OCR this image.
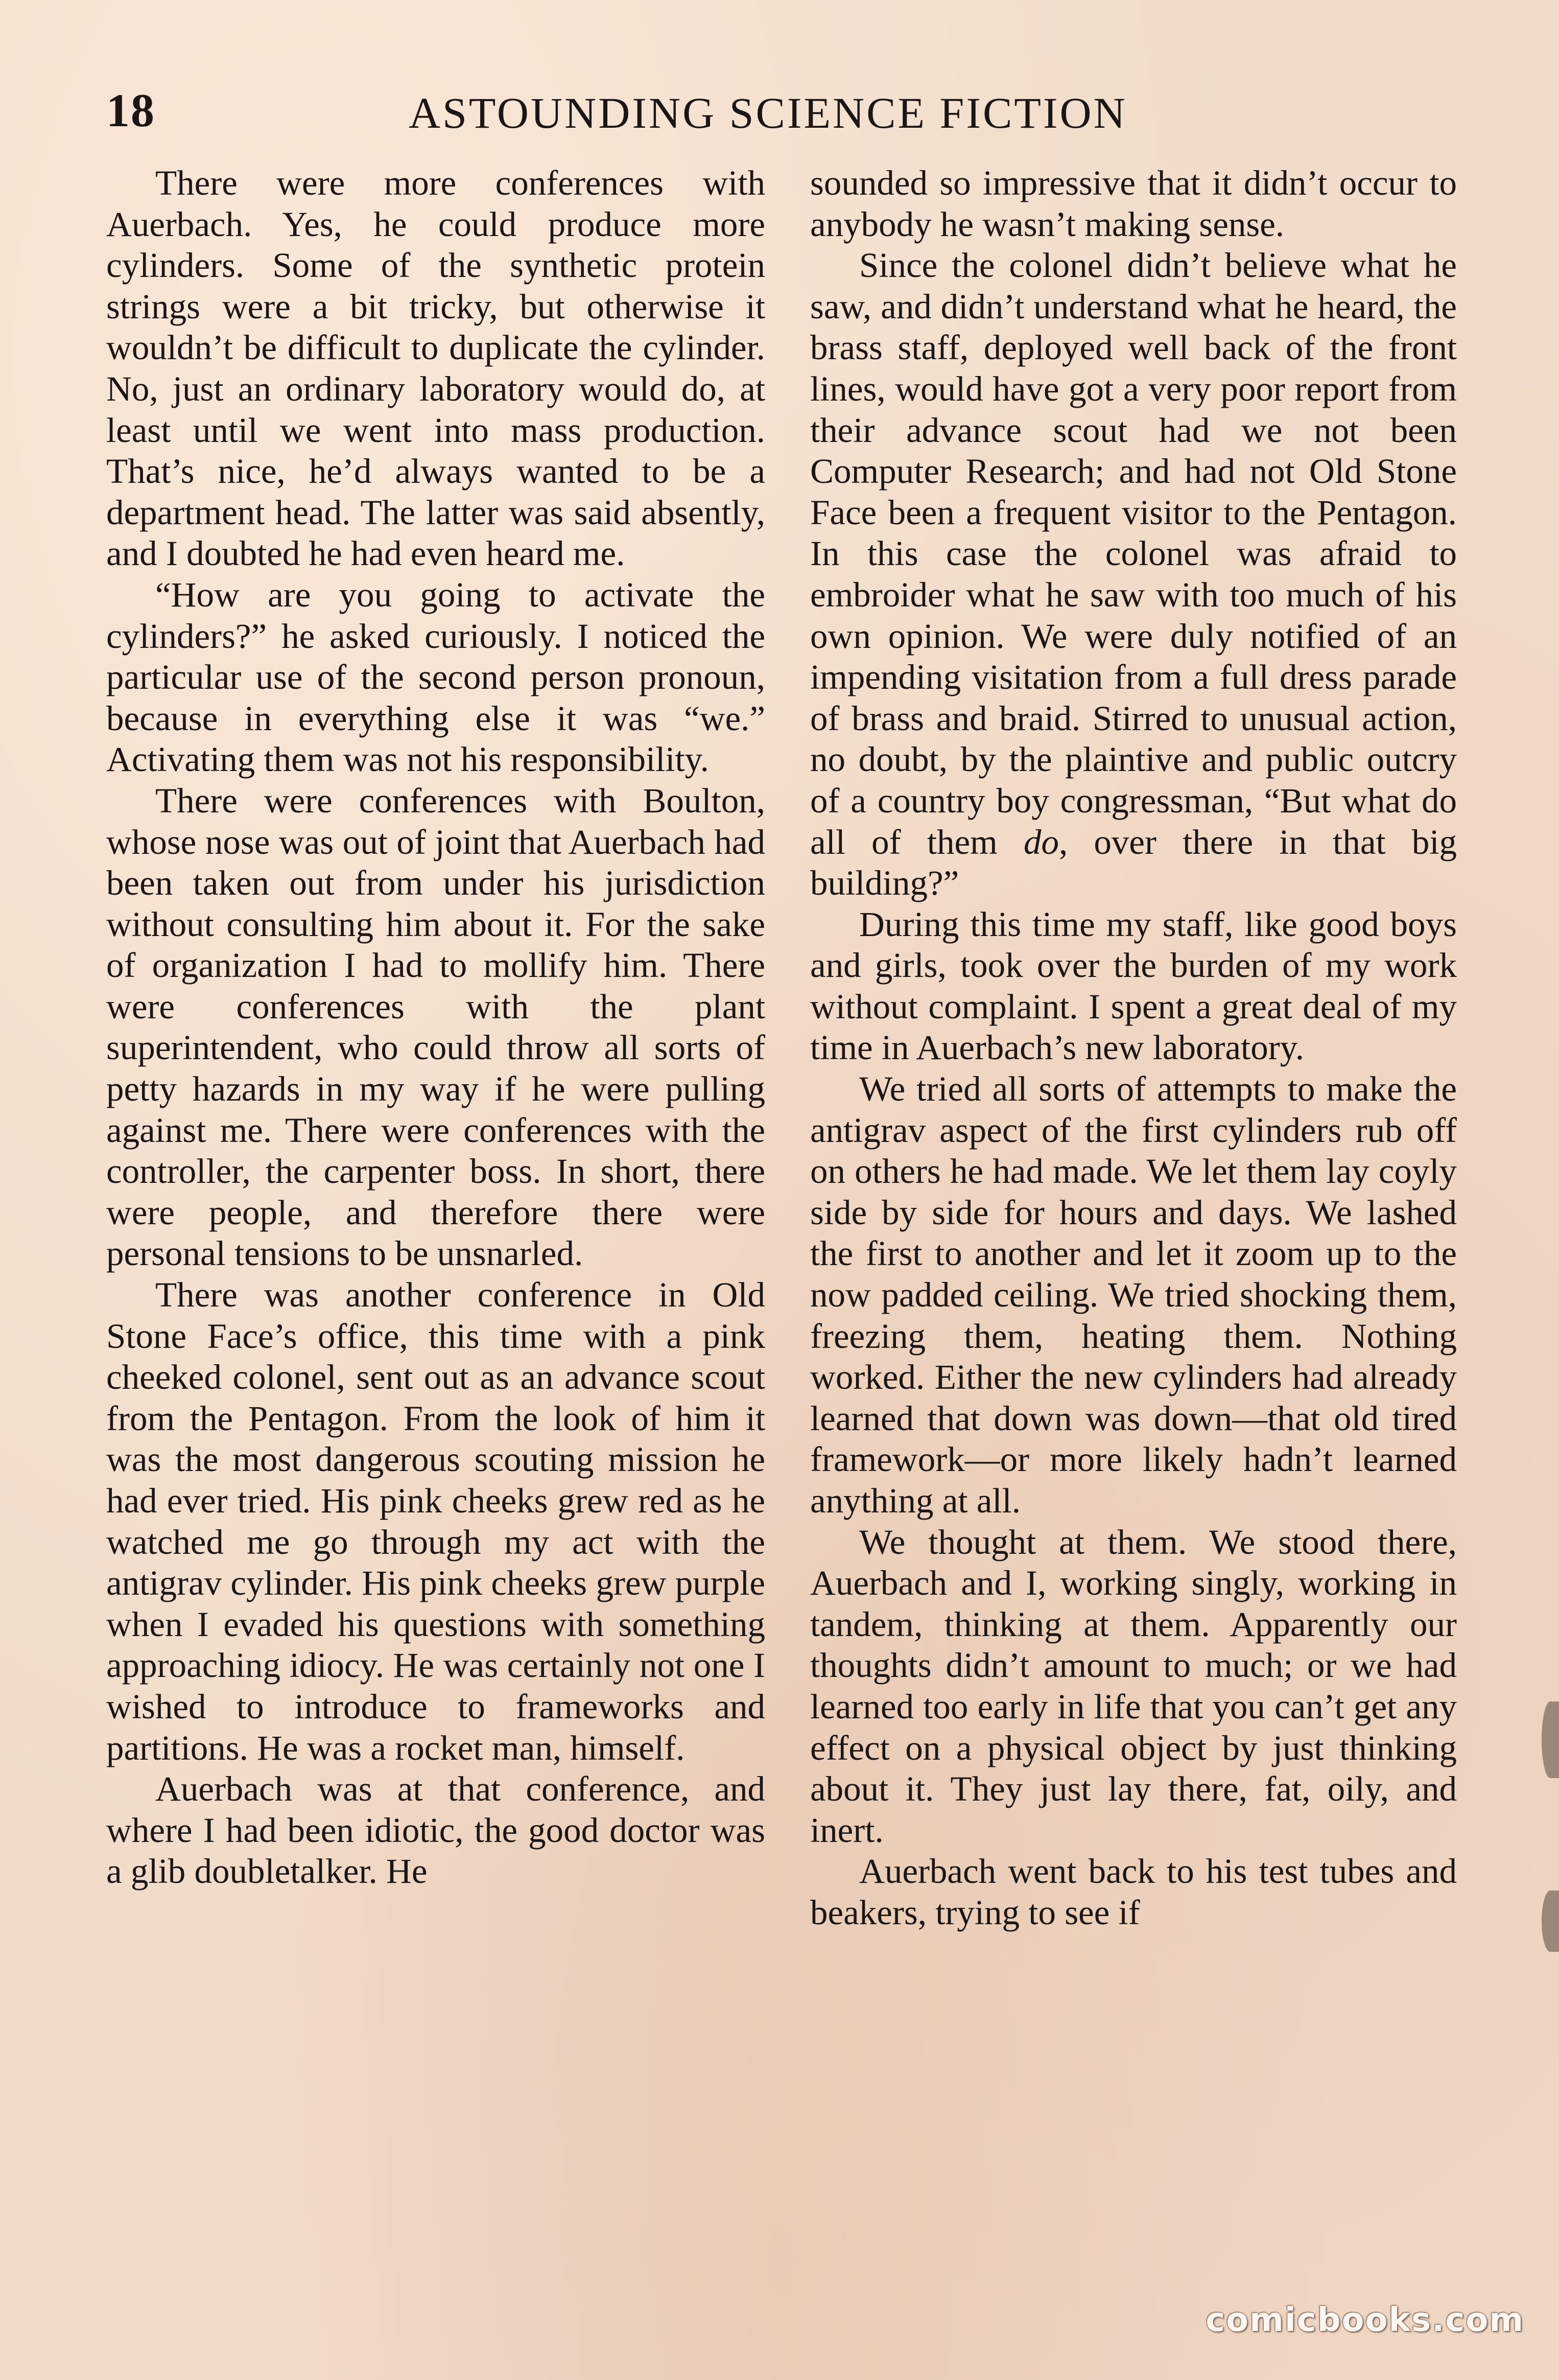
18	ASTOUNDING SCIENCE FICTION

There were more conferences with Auerbach. Yes, he could produce more cylinders. Some of the synthetic protein strings were a bit tricky, but otherwise it wouldn’t be difficult to duplicate the cylinder. No, just an ordinary laboratory would do, at least until we went into mass production. That’s nice, he’d always wanted to be a department head. The latter was said absently, and I doubted he had even heard me.

“How are you going to activate the cylinders?” he asked curiously. I noticed the particular use of the second person pronoun, because in everything else it was “we.” Activating them was not his responsibility.

There were conferences with Boulton, whose nose was out of joint that Auerbach had been taken out from under his jurisdiction without consulting him about it. For the sake of organization I had to mollify him. There were conferences with the plant superintendent, who could throw all sorts of petty hazards in my way if he were pulling against me. There were conferences with the controller, the carpenter boss. In short, there were people, and therefore there were personal tensions to be unsnarled.

There was another conference in Old Stone Face’s office, this time with a pink cheeked colonel, sent out as an advance scout from the Pentagon. From the look of him it was the most dangerous scouting mission he had ever tried. His pink cheeks grew red as he watched me go through my act with the antigrav cylinder. His pink cheeks grew purple when I evaded his questions with something approaching idiocy. He was certainly not one I wished to introduce to frameworks and partitions. He was a rocket man, himself.

Auerbach was at that conference, and where I had been idiotic, the good doctor was a glib doubletalker. He

sounded so impressive that it didn’t occur to anybody he wasn’t making sense.

Since the colonel didn’t believe what he saw, and didn’t understand what he heard, the brass staff, deployed well back of the front lines, would have got a very poor report from their advance scout had we not been Computer Research; and had not Old Stone Face been a frequent visitor to the Pentagon. In this case the colonel was afraid to embroider what he saw with too much of his own opinion. We were duly notified of an impending visitation from a full dress parade of brass and braid. Stirred to unusual action, no doubt, by the plaintive and public outcry of a country boy congressman, “But what do all of them do, over there in that big building?”

During this time my staff, like good boys and girls, took over the burden of my work without complaint. I spent a great deal of my time in Auerbach’s new laboratory.

We tried all sorts of attempts to make the antigrav aspect of the first cylinders rub off on others he had made. We let them lay coyly side by side for hours and days. We lashed the first to another and let it zoom up to the now padded ceiling. We tried shocking them, freezing them, heating them. Nothing worked. Either the new cylinders had already learned that down was down—that old tired framework—or more likely hadn’t learned anything at all.

We thought at them. We stood there, Auerbach and I, working singly, working in tandem, thinking at them. Apparently our thoughts didn’t amount to much; or we had learned too early in life that you can’t get any effect on a physical object by just thinking about it. They just lay there, fat, oily, and inert.

Auerbach went back to his test tubes and beakers, trying to see if

comicbooks.com
